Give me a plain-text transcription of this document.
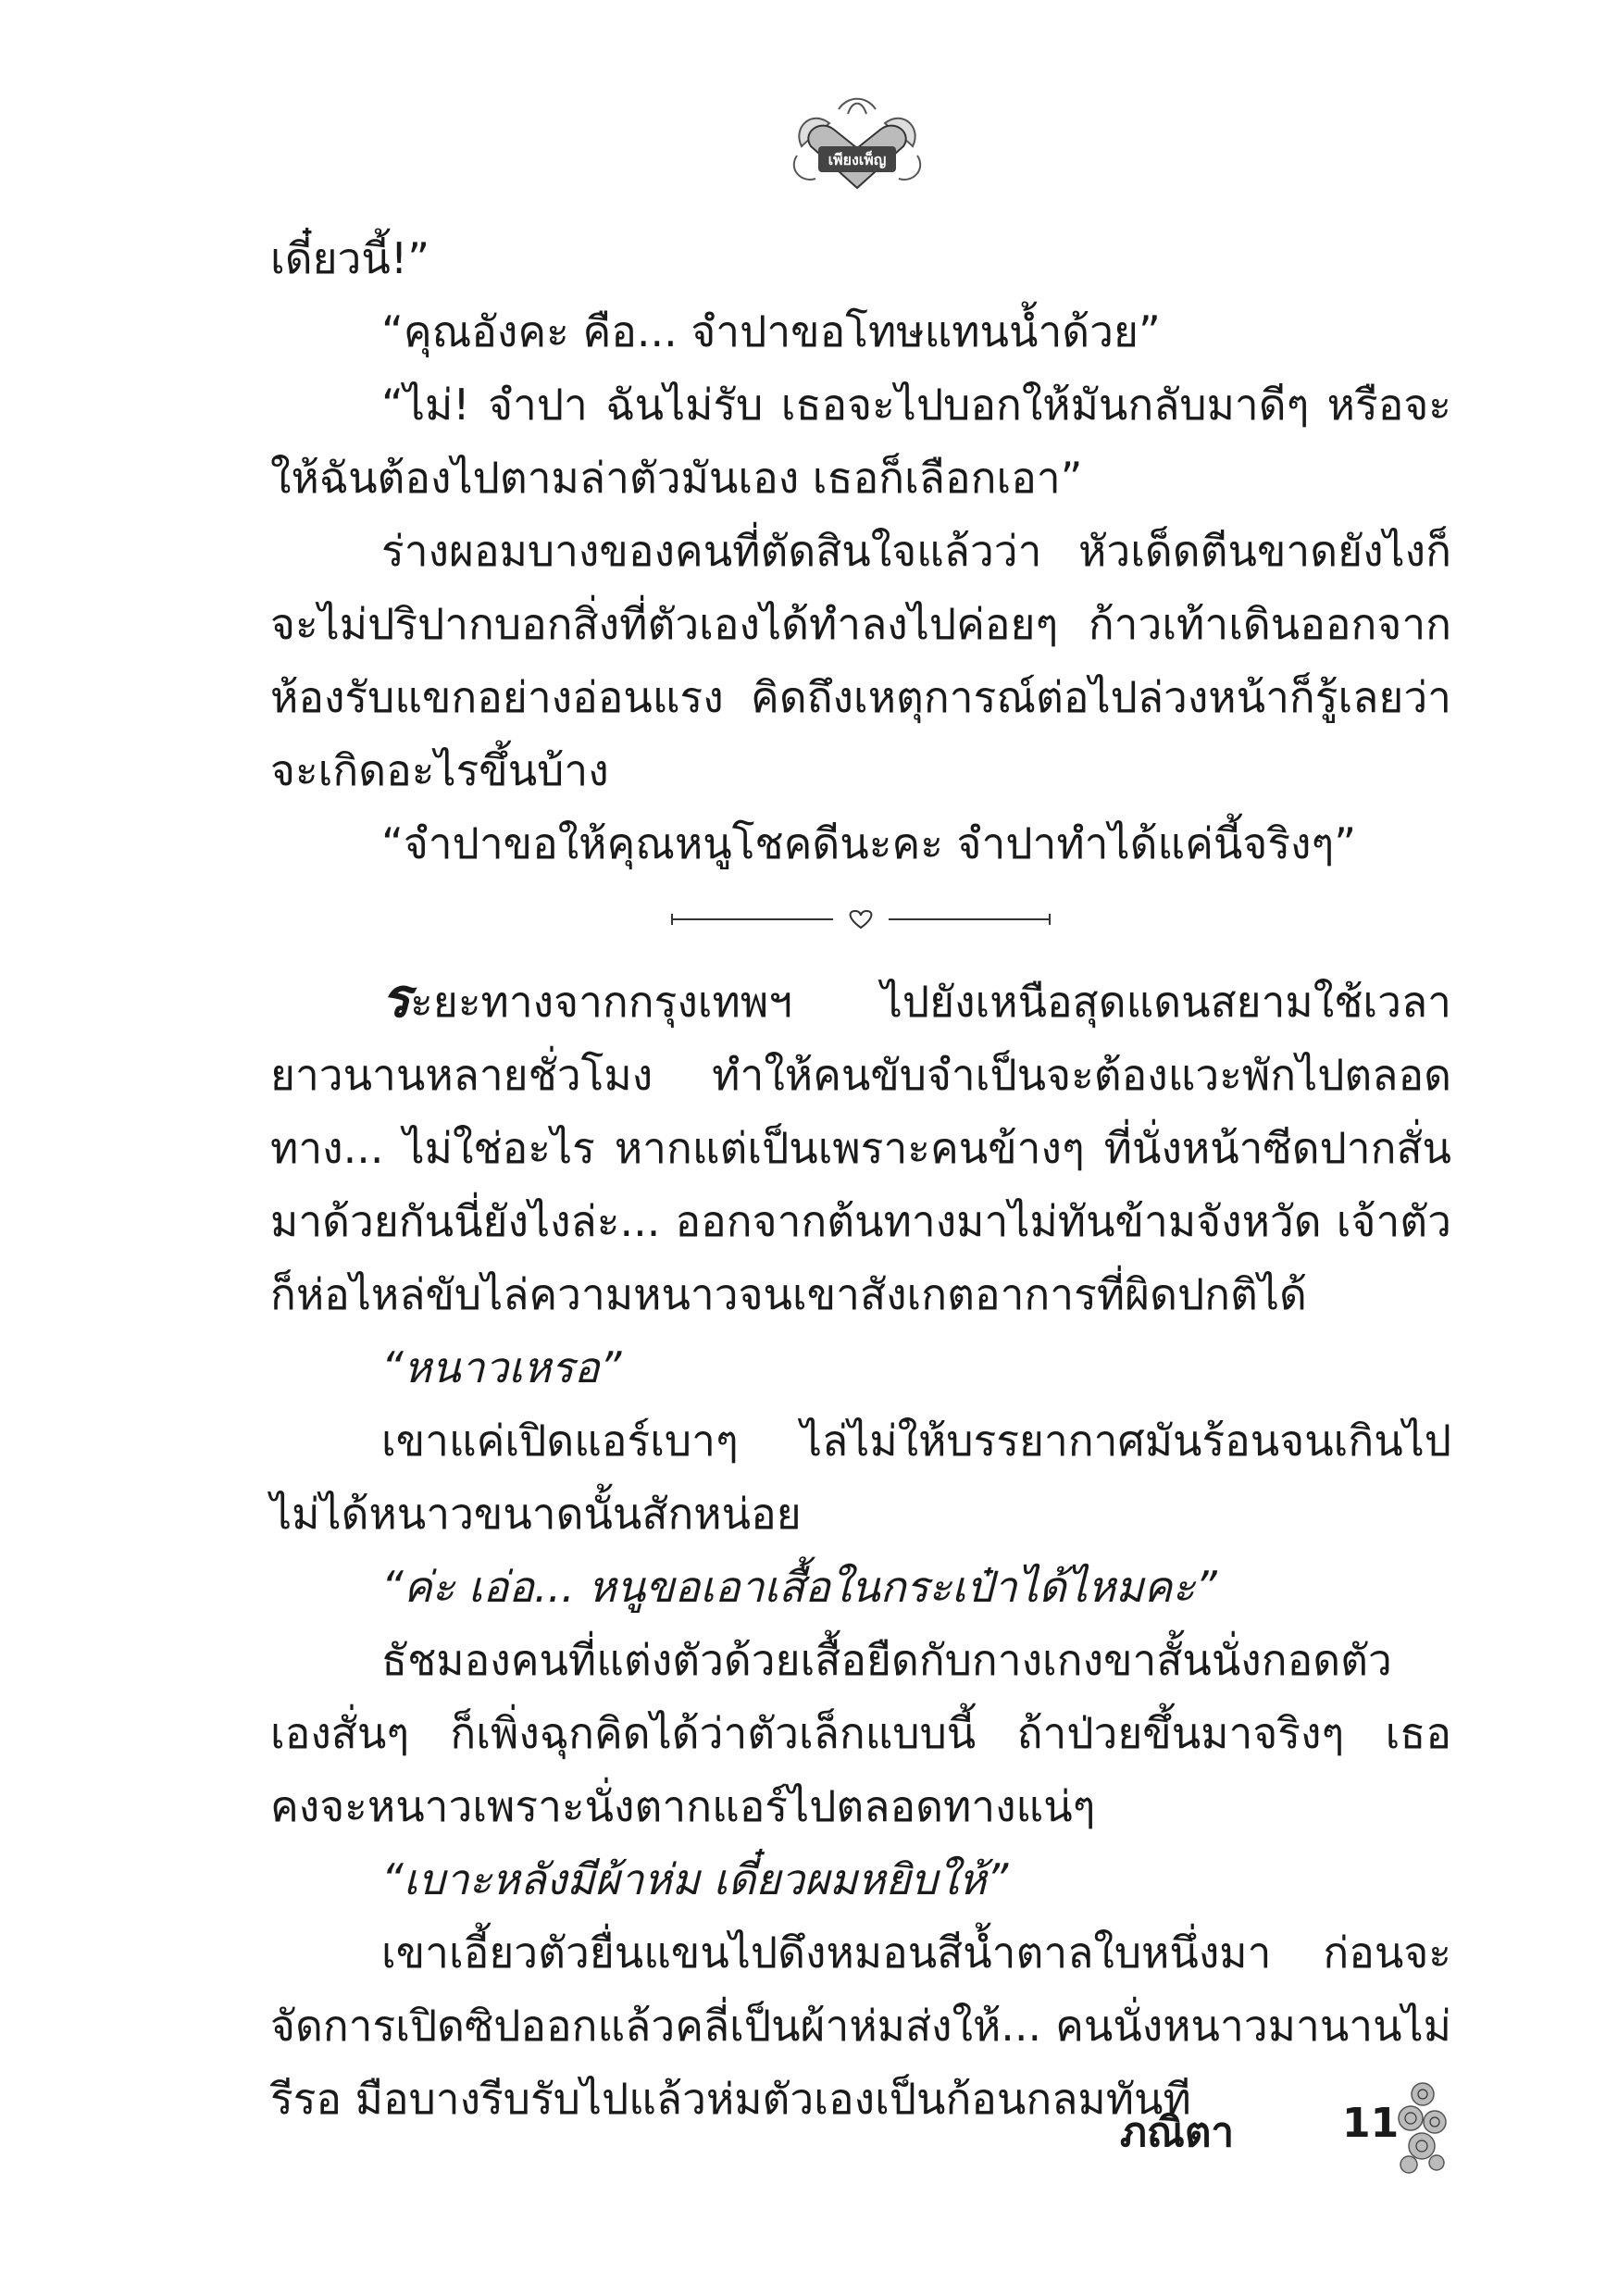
เพียงเพ็ญ

เดี๋ยวนี้!”

“คุณอังคะ คือ... จำปาขอโทษแทนน้ำด้วย”

“ไม่! จำปา ฉันไม่รับ เธอจะไปบอกให้มันกลับมาดีๆ หรือจะให้ฉันต้องไปตามล่าตัวมันเอง เธอก็เลือกเอา”

ร่างผอมบางของคนที่ตัดสินใจแล้วว่า หัวเด็ดตีนขาดยังไงก็จะไม่ปริปากบอกสิ่งที่ตัวเองได้ทำลงไปค่อยๆ ก้าวเท้าเดินออกจากห้องรับแขกอย่างอ่อนแรง คิดถึงเหตุการณ์ต่อไปล่วงหน้าก็รู้เลยว่าจะเกิดอะไรขึ้นบ้าง

“จำปาขอให้คุณหนูโชคดีนะคะ จำปาทำได้แค่นี้จริงๆ”

ระยะทางจากกรุงเทพฯ ไปยังเหนือสุดแดนสยามใช้เวลายาวนานหลายชั่วโมง ทำให้คนขับจำเป็นจะต้องแวะพักไปตลอดทาง... ไม่ใช่อะไร หากแต่เป็นเพราะคนข้างๆ ที่นั่งหน้าซีดปากสั่นมาด้วยกันนี่ยังไงล่ะ... ออกจากต้นทางมาไม่ทันข้ามจังหวัด เจ้าตัวก็ห่อไหล่ขับไล่ความหนาวจนเขาสังเกตอาการที่ผิดปกติได้

“หนาวเหรอ”

เขาแค่เปิดแอร์เบาๆ ไล่ไม่ให้บรรยากาศมันร้อนจนเกินไป ไม่ได้หนาวขนาดนั้นสักหน่อย

“ค่ะ เอ่อ... หนูขอเอาเสื้อในกระเป๋าได้ไหมคะ”

ธัชมองคนที่แต่งตัวด้วยเสื้อยืดกับกางเกงขาสั้นนั่งกอดตัวเองสั่นๆ ก็เพิ่งฉุกคิดได้ว่าตัวเล็กแบบนี้ ถ้าป่วยขึ้นมาจริงๆ เธอคงจะหนาวเพราะนั่งตากแอร์ไปตลอดทางแน่ๆ

“เบาะหลังมีผ้าห่ม เดี๋ยวผมหยิบให้”

เขาเอี้ยวตัวยื่นแขนไปดึงหมอนสีน้ำตาลใบหนึ่งมา ก่อนจะจัดการเปิดซิปออกแล้วคลี่เป็นผ้าห่มส่งให้... คนนั่งหนาวมานานไม่รีรอ มือบางรีบรับไปแล้วห่มตัวเองเป็นก้อนกลมทันที

ภณิตา	11
